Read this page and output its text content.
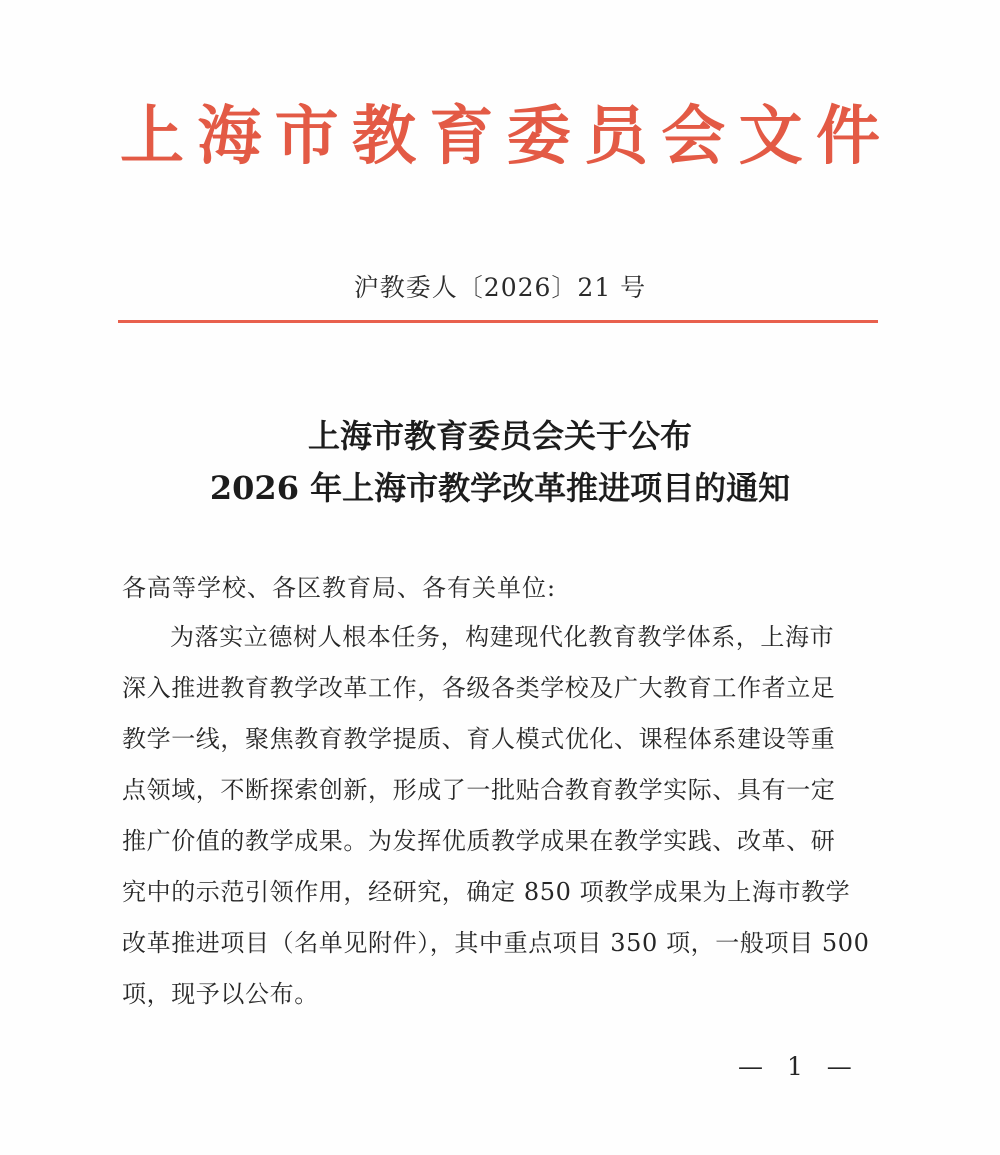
上 海 市 教 育 委 员 会 文 件
沪教委人〔2026〕21 号
上海市教育委员会关于公布
2026 年上海市教学改革推进项目的通知
各高等学校、各区教育局、各有关单位:
为落实立德树人根本任务，构建现代化教育教学体系，上海市
深入推进教育教学改革工作，各级各类学校及广大教育工作者立足
教学一线，聚焦教育教学提质、育人模式优化、课程体系建设等重
点领域，不断探索创新，形成了一批贴合教育教学实际、具有一定
推广价值的教学成果。为发挥优质教学成果在教学实践、改革、研
究中的示范引领作用，经研究，确定 850 项教学成果为上海市教学
改革推进项目（名单见附件），其中重点项目 350 项，一般项目 500
项，现予以公布。
— 1 —
